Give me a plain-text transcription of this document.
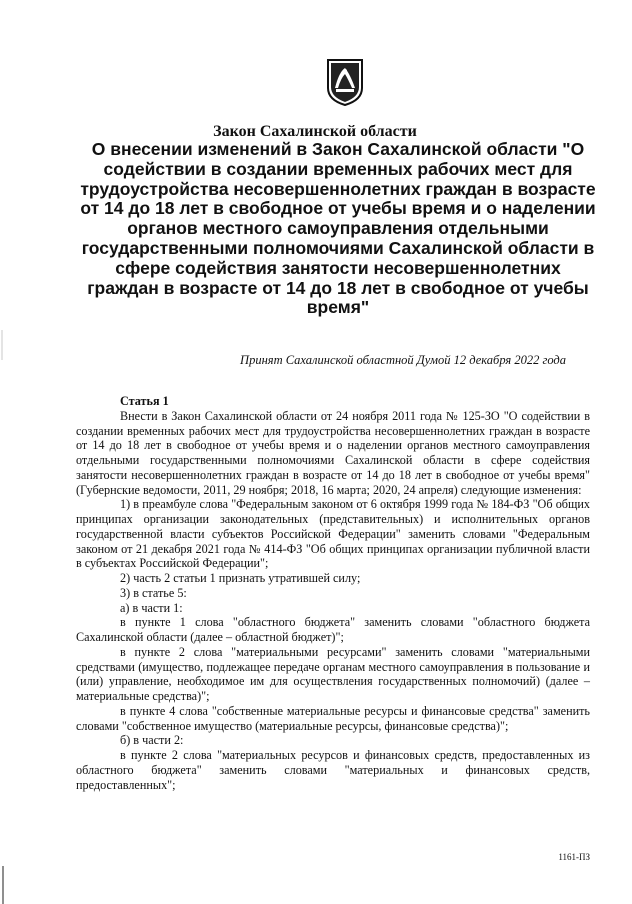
Закон Сахалинской области
О внесении изменений в Закон Сахалинской области "О содействии в создании временных рабочих мест для трудоустройства несовершеннолетних граждан в возрасте от 14 до 18 лет в свободное от учебы время и о наделении органов местного самоуправления отдельными государственными полномочиями Сахалинской области в сфере содействия занятости несовершеннолетних граждан в возрасте от 14 до 18 лет в свободное от учебы время"
Принят Сахалинской областной Думой 12 декабря 2022 года
Статья 1

Внести в Закон Сахалинской области от 24 ноября 2011 года № 125-ЗО "О содействии в создании временных рабочих мест для трудоустройства несовершеннолетних граждан в возрасте от 14 до 18 лет в свободное от учебы время и о наделении органов местного самоуправления отдельными государственными полномочиями Сахалинской области в сфере содействия занятости несовершеннолетних граждан в возрасте от 14 до 18 лет в свободное от учебы время" (Губернские ведомости, 2011, 29 ноября; 2018, 16 марта; 2020, 24 апреля) следующие изменения:

1) в преамбуле слова "Федеральным законом от 6 октября 1999 года № 184-ФЗ "Об общих принципах организации законодательных (представительных) и исполнительных органов государственной власти субъектов Российской Федерации" заменить словами "Федеральным законом от 21 декабря 2021 года № 414-ФЗ "Об общих принципах организации публичной власти в субъектах Российской Федерации";

2) часть 2 статьи 1 признать утратившей силу;

3) в статье 5:

а) в части 1:

в пункте 1 слова "областного бюджета" заменить словами "областного бюджета Сахалинской области (далее – областной бюджет)";

в пункте 2 слова "материальными ресурсами" заменить словами "материальными средствами (имущество, подлежащее передаче органам местного самоуправления в пользование и (или) управление, необходимое им для осуществления государственных полномочий) (далее – материальные средства)";

в пункте 4 слова "собственные материальные ресурсы и финансовые средства" заменить словами "собственное имущество (материальные ресурсы, финансовые средства)";

б) в части 2:

в пункте 2 слова "материальных ресурсов и финансовых средств, предоставленных из областного бюджета" заменить словами "материальных и финансовых средств, предоставленных";

1161-ПЗ
